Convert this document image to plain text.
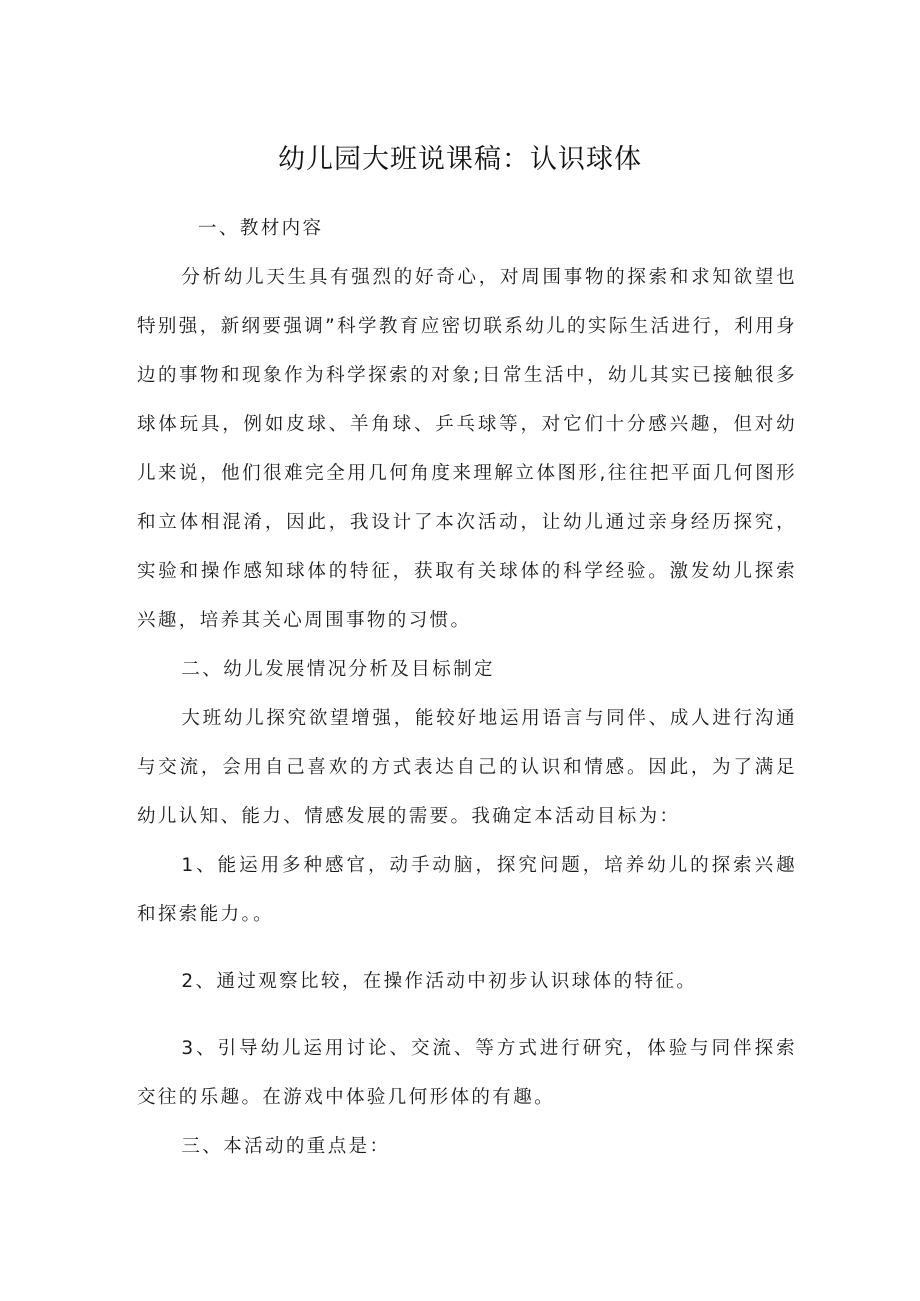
幼儿园大班说课稿：认识球体

一、教材内容

分析幼儿天生具有强烈的好奇心，对周围事物的探索和求知欲望也特别强，新纲要强调”科学教育应密切联系幼儿的实际生活进行，利用身边的事物和现象作为科学探索的对象;日常生活中，幼儿其实已接触很多球体玩具，例如皮球、羊角球、乒乓球等，对它们十分感兴趣，但对幼儿来说，他们很难完全用几何角度来理解立体图形,往往把平面几何图形和立体相混淆，因此，我设计了本次活动，让幼儿通过亲身经历探究，实验和操作感知球体的特征，获取有关球体的科学经验。激发幼儿探索兴趣，培养其关心周围事物的习惯。

二、幼儿发展情况分析及目标制定

大班幼儿探究欲望增强，能较好地运用语言与同伴、成人进行沟通与交流，会用自己喜欢的方式表达自己的认识和情感。因此，为了满足幼儿认知、能力、情感发展的需要。我确定本活动目标为：

1、能运用多种感官，动手动脑，探究问题，培养幼儿的探索兴趣和探索能力。。

2、通过观察比较，在操作活动中初步认识球体的特征。

3、引导幼儿运用讨论、交流、等方式进行研究，体验与同伴探索交往的乐趣。在游戏中体验几何形体的有趣。

三、本活动的重点是：
